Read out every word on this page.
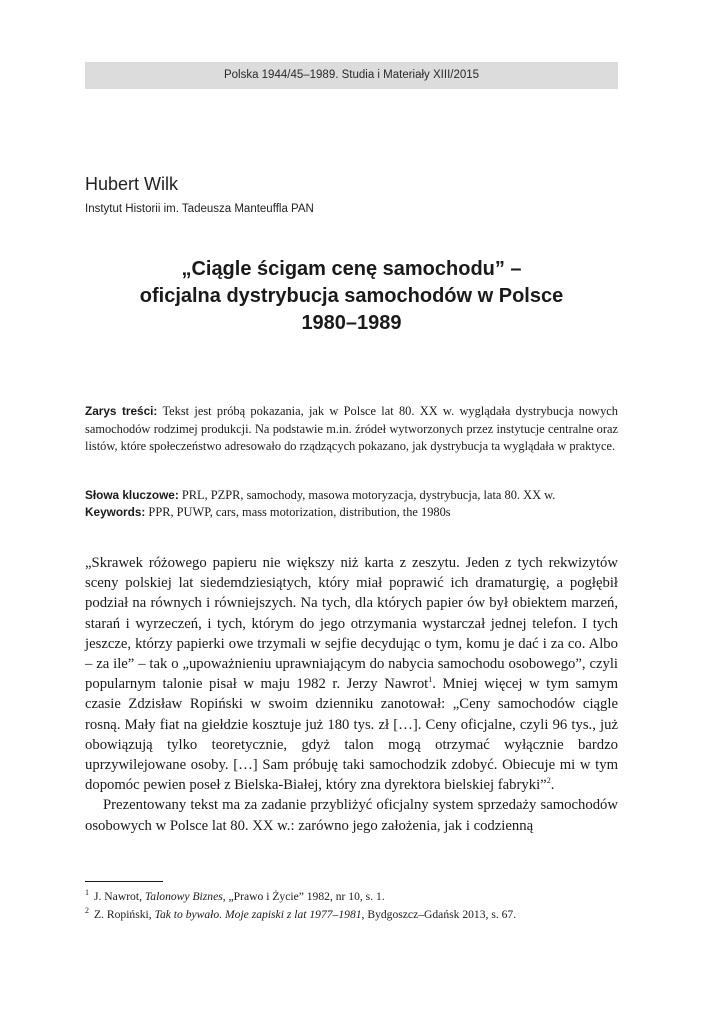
Polska 1944/45–1989. Studia i Materiały XIII/2015
Hubert Wilk
Instytut Historii im. Tadeusza Manteuffla PAN
„Ciągle ścigam cenę samochodu” –
oficjalna dystrybucja samochodów w Polsce
1980–1989
Zarys treści: Tekst jest próbą pokazania, jak w Polsce lat 80. XX w. wyglądała dystrybucja nowych samochodów rodzimej produkcji. Na podstawie m.in. źródeł wytworzonych przez instytucje centralne oraz listów, które społeczeństwo adresowało do rządzących pokazano, jak dystrybucja ta wyglądała w praktyce.
Słowa kluczowe: PRL, PZPR, samochody, masowa motoryzacja, dystrybucja, lata 80. XX w.
Keywords: PPR, PUWP, cars, mass motorization, distribution, the 1980s

„Skrawek różowego papieru nie większy niż karta z zeszytu. Jeden z tych rekwizytów sceny polskiej lat siedemdziesiątych, który miał poprawić ich dramaturgię, a pogłębił podział na równych i równiejszych. Na tych, dla których papier ów był obiektem marzeń, starań i wyrzeczeń, i tych, którym do jego otrzymania wystarczał jednej telefon. I tych jeszcze, którzy papierki owe trzymali w sejfie decydując o tym, komu je dać i za co. Albo – za ile” – tak o „upoważnieniu uprawniającym do nabycia samochodu osobowego”, czyli popularnym talonie pisał w maju 1982 r. Jerzy Nawrot$^1$. Mniej więcej w tym samym czasie Zdzisław Ropiński w swoim dzienniku zanotował: „Ceny samochodów ciągle rosną. Mały fiat na giełdzie kosztuje już 180 tys. zł […]. Ceny oficjalne, czyli 96 tys., już obowiązują tylko teoretycznie, gdyż talon mogą otrzymać wyłącznie bardzo uprzywilejowane osoby. […] Sam próbuję taki samochodzik zdobyć. Obiecuje mi w tym dopomóc pewien poseł z Bielska-Białej, który zna dyrektora bielskiej fabryki”$^2$.

Prezentowany tekst ma za zadanie przybliżyć oficjalny system sprzedaży samochodów osobowych w Polsce lat 80. XX w.: zarówno jego założenia, jak i codzienną

$^1$ J. Nawrot, Talonowy Biznes, „Prawo i Życie” 1982, nr 10, s. 1.
$^2$ Z. Ropiński, Tak to bywało. Moje zapiski z lat 1977–1981, Bydgoszcz–Gdańsk 2013, s. 67.
